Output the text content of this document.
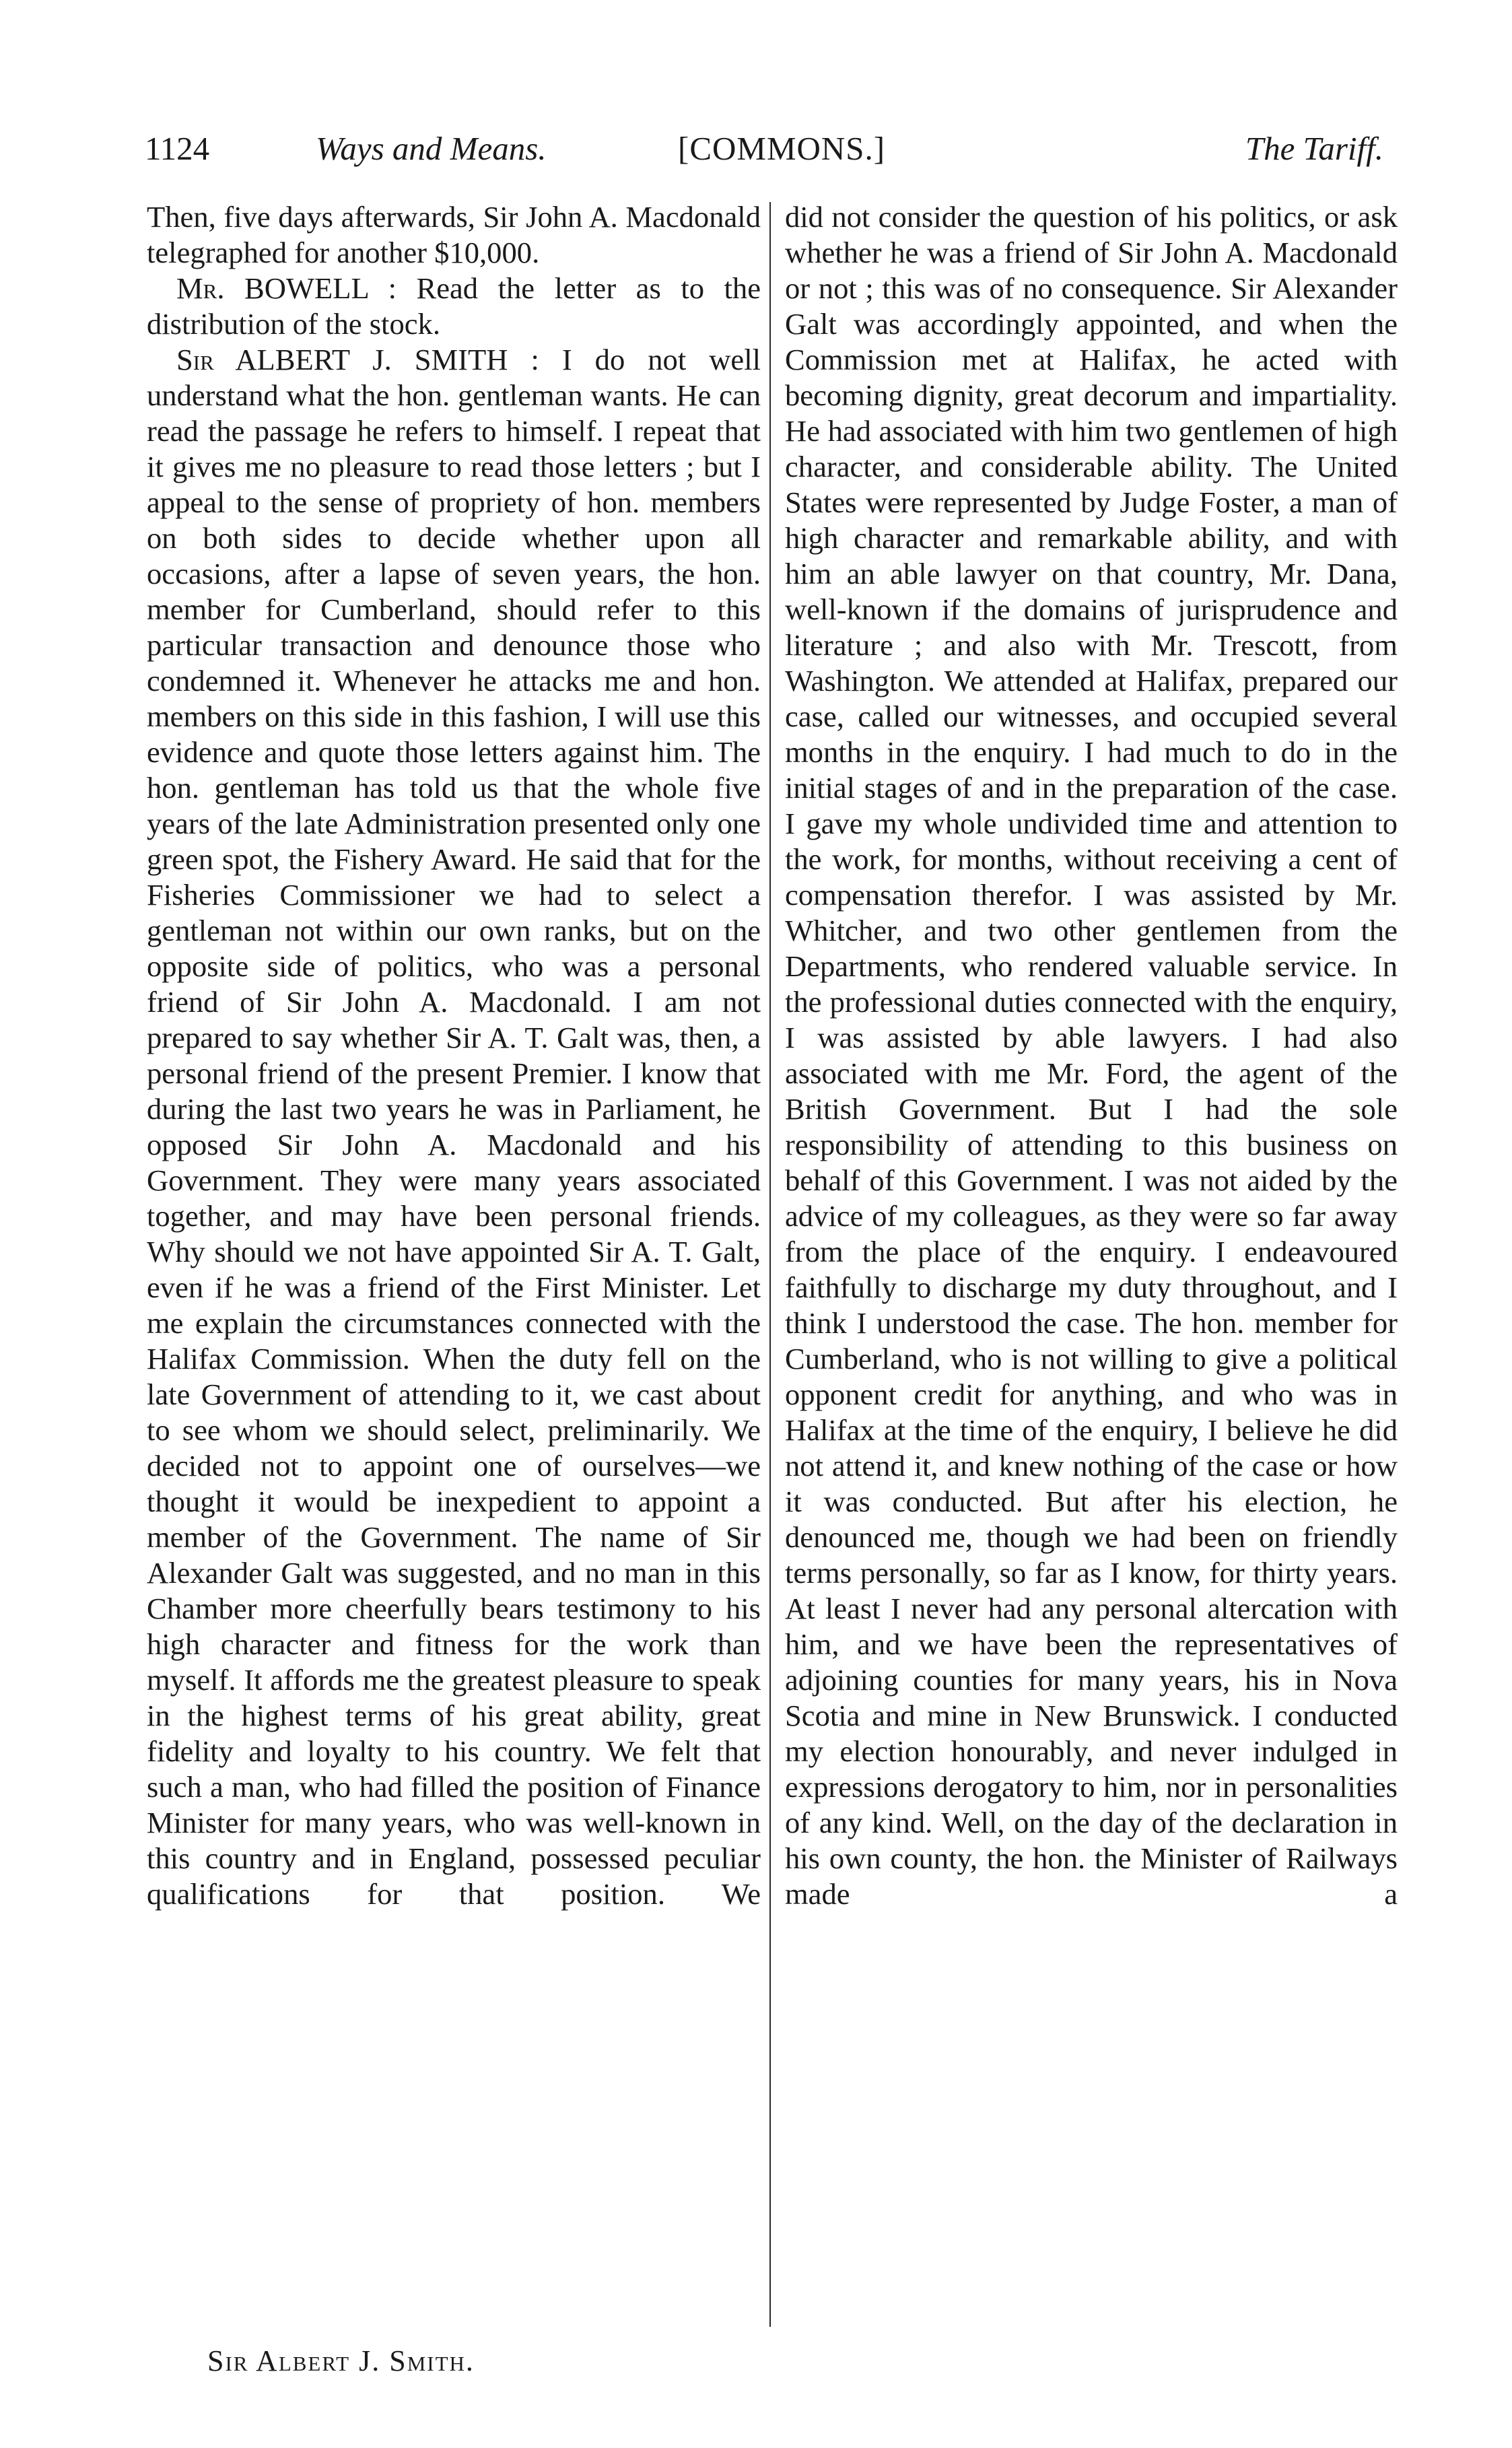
1124	Ways and Means.	[COMMONS.]	The Tariff.

Then, five days afterwards, Sir John A. Macdonald telegraphed for another $10,000.

Mr. BOWELL : Read the letter as to the distribution of the stock.

Sir ALBERT J. SMITH : I do not well understand what the hon. gentleman wants. He can read the passage he refers to himself. I repeat that it gives me no pleasure to read those letters ; but I appeal to the sense of propriety of hon. members on both sides to decide whether upon all occasions, after a lapse of seven years, the hon. member for Cumberland, should refer to this particular transaction and denounce those who condemned it. Whenever he attacks me and hon. members on this side in this fashion, I will use this evidence and quote those letters against him. The hon. gentleman has told us that the whole five years of the late Administration presented only one green spot, the Fishery Award. He said that for the Fisheries Commissioner we had to select a gentleman not within our own ranks, but on the opposite side of politics, who was a personal friend of Sir John A. Macdonald. I am not prepared to say whether Sir A. T. Galt was, then, a personal friend of the present Premier. I know that during the last two years he was in Parliament, he opposed Sir John A. Macdonald and his Government. They were many years associated together, and may have been personal friends. Why should we not have appointed Sir A. T. Galt, even if he was a friend of the First Minister. Let me explain the circumstances connected with the Halifax Commission. When the duty fell on the late Government of attending to it, we cast about to see whom we should select, preliminarily. We decided not to appoint one of ourselves—we thought it would be inexpedient to appoint a member of the Government. The name of Sir Alexander Galt was suggested, and no man in this Chamber more cheerfully bears testimony to his high character and fitness for the work than myself. It affords me the greatest pleasure to speak in the highest terms of his great ability, great fidelity and loyalty to his country. We felt that such a man, who had filled the position of Finance Minister for many years, who was well-known in this country and in England, possessed peculiar qualifications for that position. We

did not consider the question of his politics, or ask whether he was a friend of Sir John A. Macdonald or not ; this was of no consequence. Sir Alexander Galt was accordingly appointed, and when the Commission met at Halifax, he acted with becoming dignity, great decorum and impartiality. He had associated with him two gentlemen of high character, and considerable ability. The United States were represented by Judge Foster, a man of high character and remarkable ability, and with him an able lawyer on that country, Mr. Dana, well-known if the domains of jurisprudence and literature ; and also with Mr. Trescott, from Washington. We attended at Halifax, prepared our case, called our witnesses, and occupied several months in the enquiry. I had much to do in the initial stages of and in the preparation of the case. I gave my whole undivided time and attention to the work, for months, without receiving a cent of compensation therefor. I was assisted by Mr. Whitcher, and two other gentlemen from the Departments, who rendered valuable service. In the professional duties connected with the enquiry, I was assisted by able lawyers. I had also associated with me Mr. Ford, the agent of the British Government. But I had the sole responsibility of attending to this business on behalf of this Government. I was not aided by the advice of my colleagues, as they were so far away from the place of the enquiry. I endeavoured faithfully to discharge my duty throughout, and I think I understood the case. The hon. member for Cumberland, who is not willing to give a political opponent credit for anything, and who was in Halifax at the time of the enquiry, I believe he did not attend it, and knew nothing of the case or how it was conducted. But after his election, he denounced me, though we had been on friendly terms personally, so far as I know, for thirty years. At least I never had any personal altercation with him, and we have been the representatives of adjoining counties for many years, his in Nova Scotia and mine in New Brunswick. I conducted my election honourably, and never indulged in expressions derogatory to him, nor in personalities of any kind. Well, on the day of the declaration in his own county, the hon. the Minister of Railways made a

Sir Albert J. Smith.
